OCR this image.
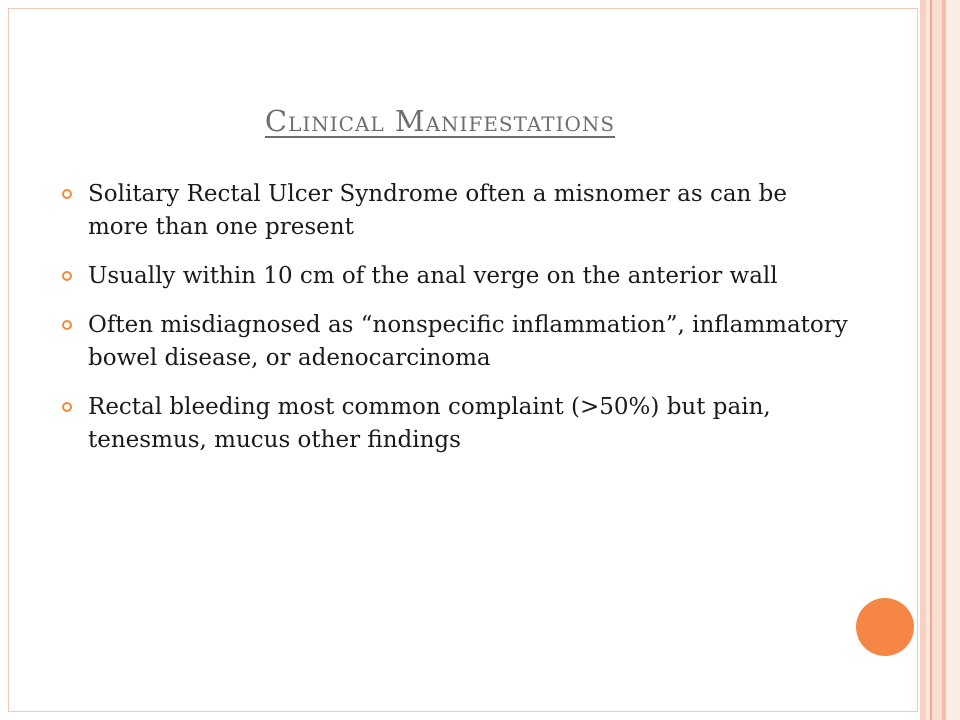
Clinical Manifestations
Solitary Rectal Ulcer Syndrome often a misnomer as can be more than one present
Usually within 10 cm of the anal verge on the anterior wall
Often misdiagnosed as “nonspecific inflammation”, inflammatory bowel disease, or adenocarcinoma
Rectal bleeding most common complaint (>50%) but pain, tenesmus, mucus other findings
